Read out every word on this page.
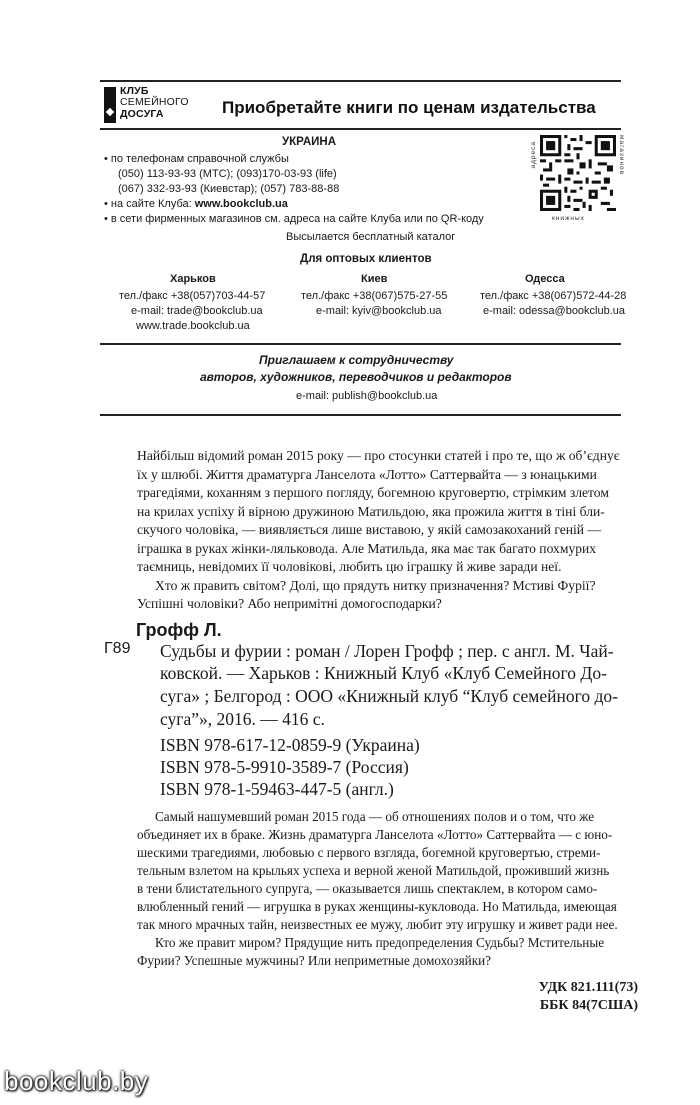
КЛУБ
СЕМЕЙНОГО
ДОСУГА	Приобретайте книги по ценам издательства
УКРАИНА
• по телефонам справочной службы
(050) 113-93-93 (МТС); (093)170-03-93 (life)
(067) 332-93-93 (Киевстар); (057) 783-88-88
• на сайте Клуба: www.bookclub.ua
• в сети фирменных магазинов см. адреса на сайте Клуба или по QR-коду
Высылается бесплатный каталог
адреса	магазинов
книжных
Для оптовых клиентов
Харьков
тел./факс +38(057)703-44-57
e-mail: trade@bookclub.ua
www.trade.bookclub.ua
Киев
тел./факс +38(067)575-27-55
e-mail: kyiv@bookclub.ua
Одесса
тел./факс +38(067)572-44-28
e-mail: odessa@bookclub.ua
Приглашаем к сотрудничеству
авторов, художников, переводчиков и редакторов
e-mail: publish@bookclub.ua
Найбільш відомий роман 2015 року — про стосунки статей і про те, що ж об’єднує
їх у шлюбі. Життя драматурга Ланселота «Лотто» Саттервайта — з юнацькими
трагедіями, коханням з першого погляду, богемною круговертю, стрімким злетом
на крилах успіху й вірною дружиною Матильдою, яка прожила життя в тіні бли-
скучого чоловіка, — виявляється лише виставою, у якій самозакоханий геній —
іграшка в руках жінки-ляльковода. Але Матильда, яка має так багато похмурих
таємниць, невідомих її чоловікові, любить цю іграшку й живе заради неї.
Хто ж править світом? Долі, що прядуть нитку призначення? Мстиві Фурії?
Успішні чоловіки? Або непримітні домогосподарки?
Грофф Л.
Г89 Судьбы и фурии : роман / Лорен Грофф ; пер. с англ. М. Чай-
ковской. — Харьков : Книжный Клуб «Клуб Семейного До-
суга» ; Белгород : ООО «Книжный клуб “Клуб семейного до-
суга”», 2016. — 416 с.
ISBN 978-617-12-0859-9 (Украина)
ISBN 978-5-9910-3589-7 (Россия)
ISBN 978-1-59463-447-5 (англ.)
Самый нашумевший роман 2015 года — об отношениях полов и о том, что же
объединяет их в браке. Жизнь драматурга Ланселота «Лотто» Саттервайта — с юно-
шескими трагедиями, любовью с первого взгляда, богемной круговертью, стреми-
тельным взлетом на крыльях успеха и верной женой Матильдой, проживший жизнь
в тени блистательного супруга, — оказывается лишь спектаклем, в котором само-
влюбленный гений — игрушка в руках женщины-кукловода. Но Матильда, имеющая
так много мрачных тайн, неизвестных ее мужу, любит эту игрушку и живет ради нее.
Кто же правит миром? Прядущие нить предопределения Судьбы? Мстительные
Фурии? Успешные мужчины? Или неприметные домохозяйки?
УДК 821.111(73)
ББК 84(7США)
bookclub.by
